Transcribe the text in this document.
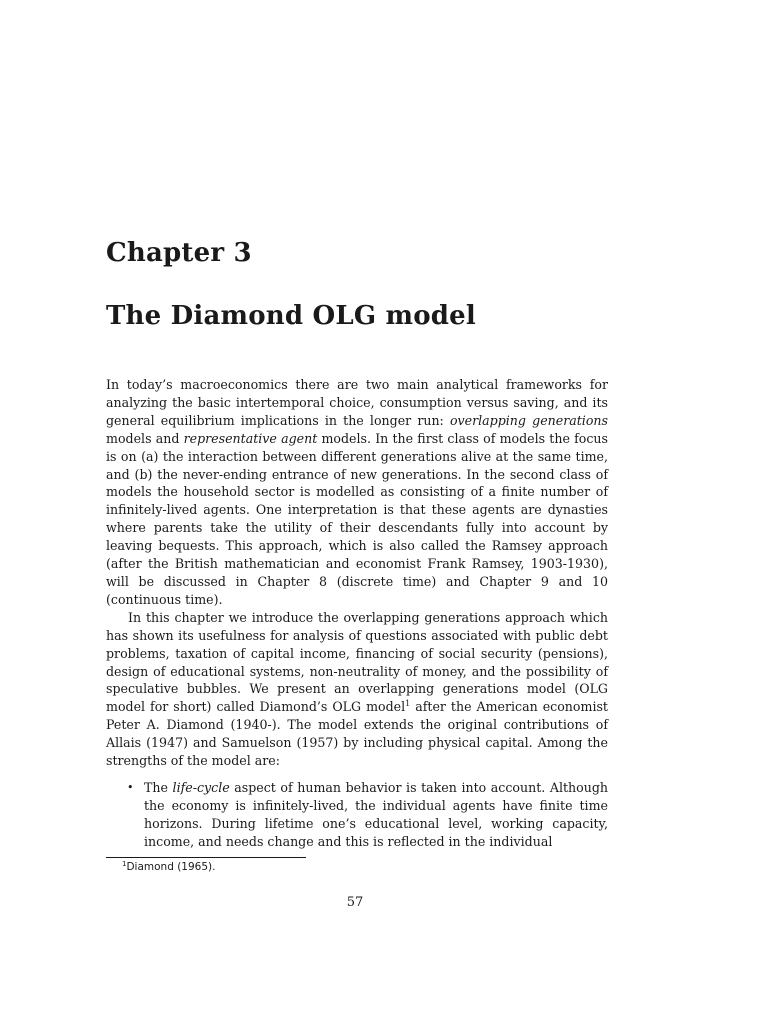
Chapter 3
The Diamond OLG model

In today’s macroeconomics there are two main analytical frameworks for analyzing the basic intertemporal choice, consumption versus saving, and its general equilibrium implications in the longer run: overlapping generations models and representative agent models. In the first class of models the focus is on (a) the interaction between different generations alive at the same time, and (b) the never-ending entrance of new generations. In the second class of models the household sector is modelled as consisting of a finite number of infinitely-lived agents. One interpretation is that these agents are dynasties where parents take the utility of their descendants fully into account by leaving bequests. This approach, which is also called the Ramsey approach (after the British mathematician and economist Frank Ramsey, 1903-1930), will be discussed in Chapter 8 (discrete time) and Chapter 9 and 10 (continuous time).

In this chapter we introduce the overlapping generations approach which has shown its usefulness for analysis of questions associated with public debt problems, taxation of capital income, financing of social security (pensions), design of educational systems, non-neutrality of money, and the possibility of speculative bubbles. We present an overlapping generations model (OLG model for short) called Diamond’s OLG model$^1$ after the American economist Peter A. Diamond (1940-). The model extends the original contributions of Allais (1947) and Samuelson (1957) by including physical capital. Among the strengths of the model are:

• The life-cycle aspect of human behavior is taken into account. Although the economy is infinitely-lived, the individual agents have finite time horizons. During lifetime one’s educational level, working capacity, income, and needs change and this is reflected in the individual
$^1$Diamond (1965).
57
